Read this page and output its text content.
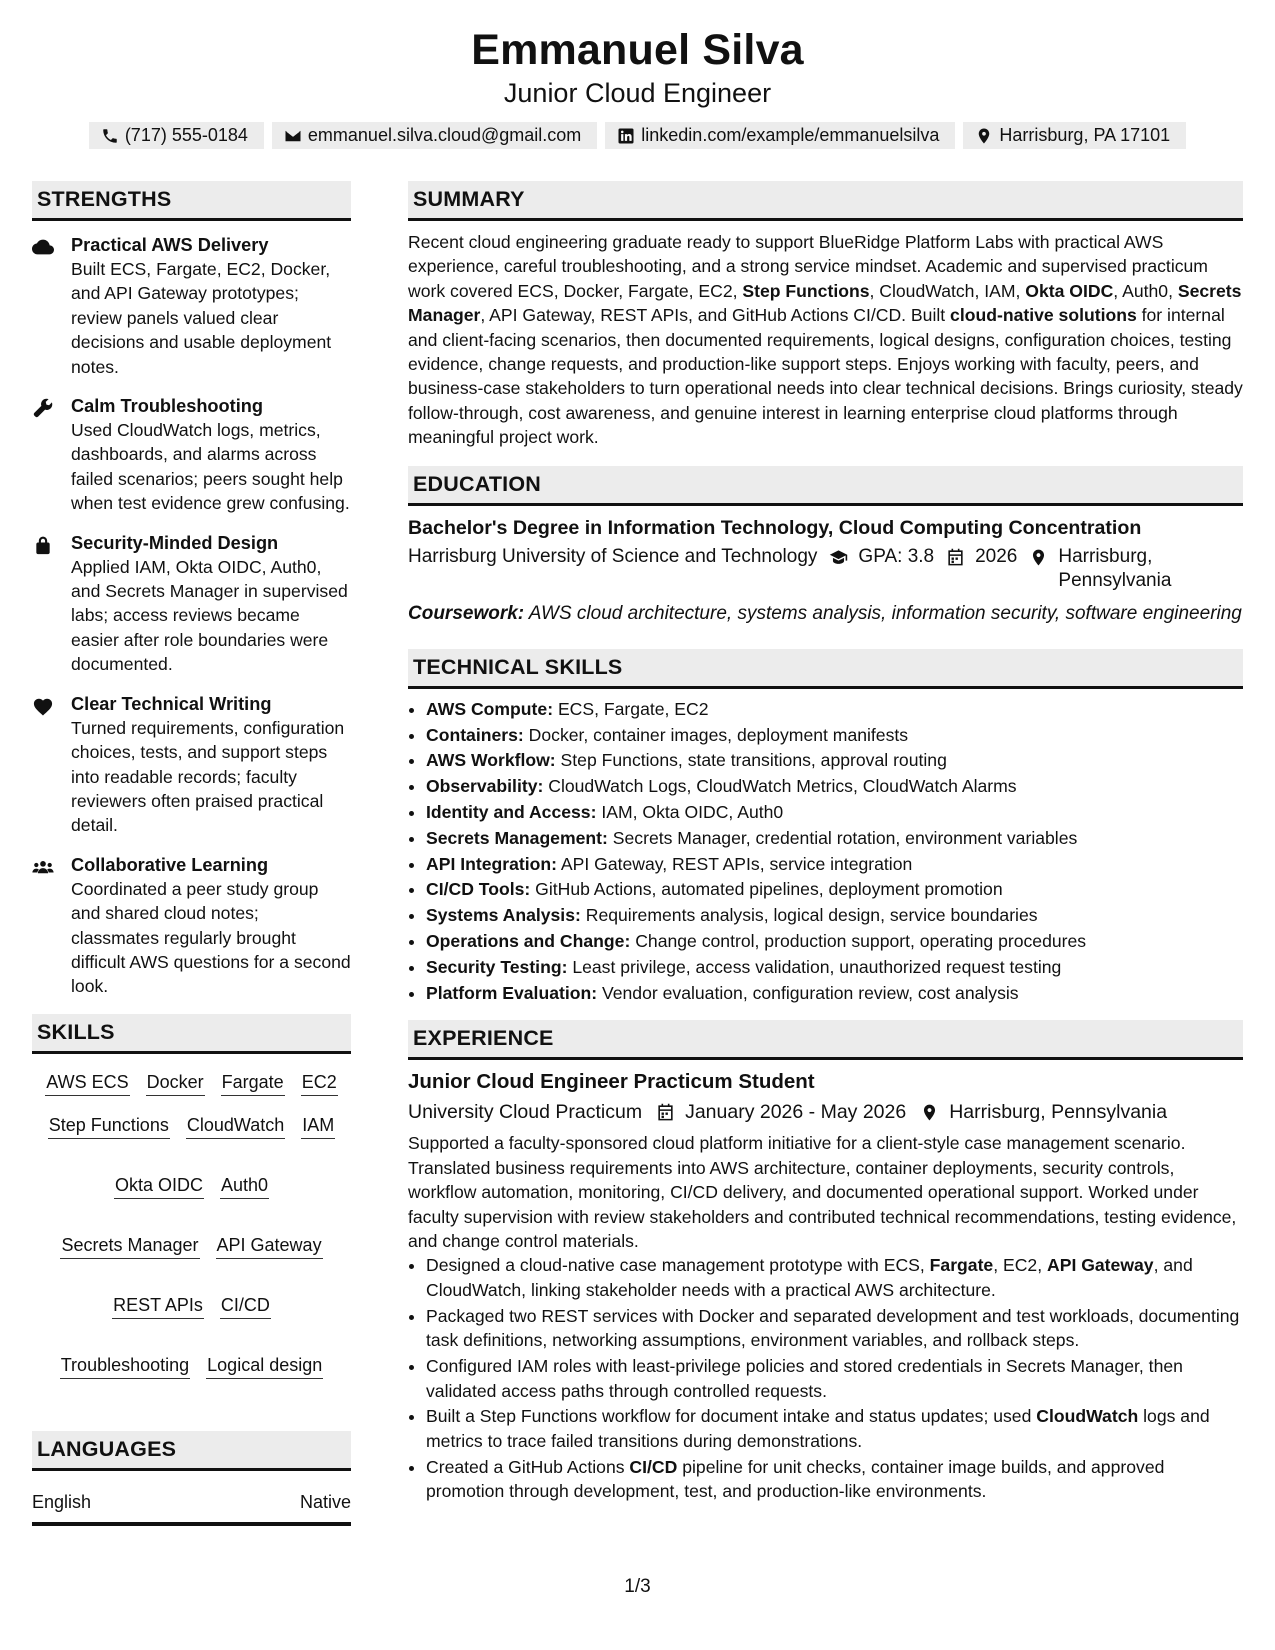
Emmanuel Silva
Junior Cloud Engineer
(717) 555-0184	emmanuel.silva.cloud@gmail.com	linkedin.com/example/emmanuelsilva	Harrisburg, PA 17101
STRENGTHS
Practical AWS Delivery
Built ECS, Fargate, EC2, Docker, and API Gateway prototypes; review panels valued clear decisions and usable deployment notes.
Calm Troubleshooting
Used CloudWatch logs, metrics, dashboards, and alarms across failed scenarios; peers sought help when test evidence grew confusing.
Security-Minded Design
Applied IAM, Okta OIDC, Auth0, and Secrets Manager in supervised labs; access reviews became easier after role boundaries were documented.
Clear Technical Writing
Turned requirements, configuration choices, tests, and support steps into readable records; faculty reviewers often praised practical detail.
Collaborative Learning
Coordinated a peer study group and shared cloud notes; classmates regularly brought difficult AWS questions for a second look.
SKILLS
AWS ECS Docker Fargate EC2
Step Functions CloudWatch IAM
Okta OIDC Auth0
Secrets Manager API Gateway
REST APIs CI/CD
Troubleshooting Logical design
LANGUAGES
English	Native
SUMMARY

Recent cloud engineering graduate ready to support BlueRidge Platform Labs with practical AWS experience, careful troubleshooting, and a strong service mindset. Academic and supervised practicum work covered ECS, Docker, Fargate, EC2, Step Functions, CloudWatch, IAM, Okta OIDC, Auth0, Secrets Manager, API Gateway, REST APIs, and GitHub Actions CI/CD. Built cloud-native solutions for internal and client-facing scenarios, then documented requirements, logical designs, configuration choices, testing evidence, change requests, and production-like support steps. Enjoys working with faculty, peers, and business-case stakeholders to turn operational needs into clear technical decisions. Brings curiosity, steady follow-through, cost awareness, and genuine interest in learning enterprise cloud platforms through meaningful project work.

EDUCATION
Bachelor's Degree in Information Technology, Cloud Computing Concentration
Harrisburg University of Science and Technology GPA: 3.8 2026 Harrisburg, Pennsylvania
Coursework: AWS cloud architecture, systems analysis, information security, software engineering
TECHNICAL SKILLS
• AWS Compute: ECS, Fargate, EC2
• Containers: Docker, container images, deployment manifests
• AWS Workflow: Step Functions, state transitions, approval routing
• Observability: CloudWatch Logs, CloudWatch Metrics, CloudWatch Alarms
• Identity and Access: IAM, Okta OIDC, Auth0
• Secrets Management: Secrets Manager, credential rotation, environment variables
• API Integration: API Gateway, REST APIs, service integration
• CI/CD Tools: GitHub Actions, automated pipelines, deployment promotion
• Systems Analysis: Requirements analysis, logical design, service boundaries
• Operations and Change: Change control, production support, operating procedures
• Security Testing: Least privilege, access validation, unauthorized request testing
• Platform Evaluation: Vendor evaluation, configuration review, cost analysis
EXPERIENCE
Junior Cloud Engineer Practicum Student
University Cloud Practicum January 2026 - May 2026 Harrisburg, Pennsylvania

Supported a faculty-sponsored cloud platform initiative for a client-style case management scenario. Translated business requirements into AWS architecture, container deployments, security controls, workflow automation, monitoring, CI/CD delivery, and documented operational support. Worked under faculty supervision with review stakeholders and contributed technical recommendations, testing evidence, and change control materials.

• Designed a cloud-native case management prototype with ECS, Fargate, EC2, API Gateway, and CloudWatch, linking stakeholder needs with a practical AWS architecture.
• Packaged two REST services with Docker and separated development and test workloads, documenting task definitions, networking assumptions, environment variables, and rollback steps.
• Configured IAM roles with least-privilege policies and stored credentials in Secrets Manager, then validated access paths through controlled requests.
• Built a Step Functions workflow for document intake and status updates; used CloudWatch logs and metrics to trace failed transitions during demonstrations.
• Created a GitHub Actions CI/CD pipeline for unit checks, container image builds, and approved promotion through development, test, and production-like environments.
1/3
